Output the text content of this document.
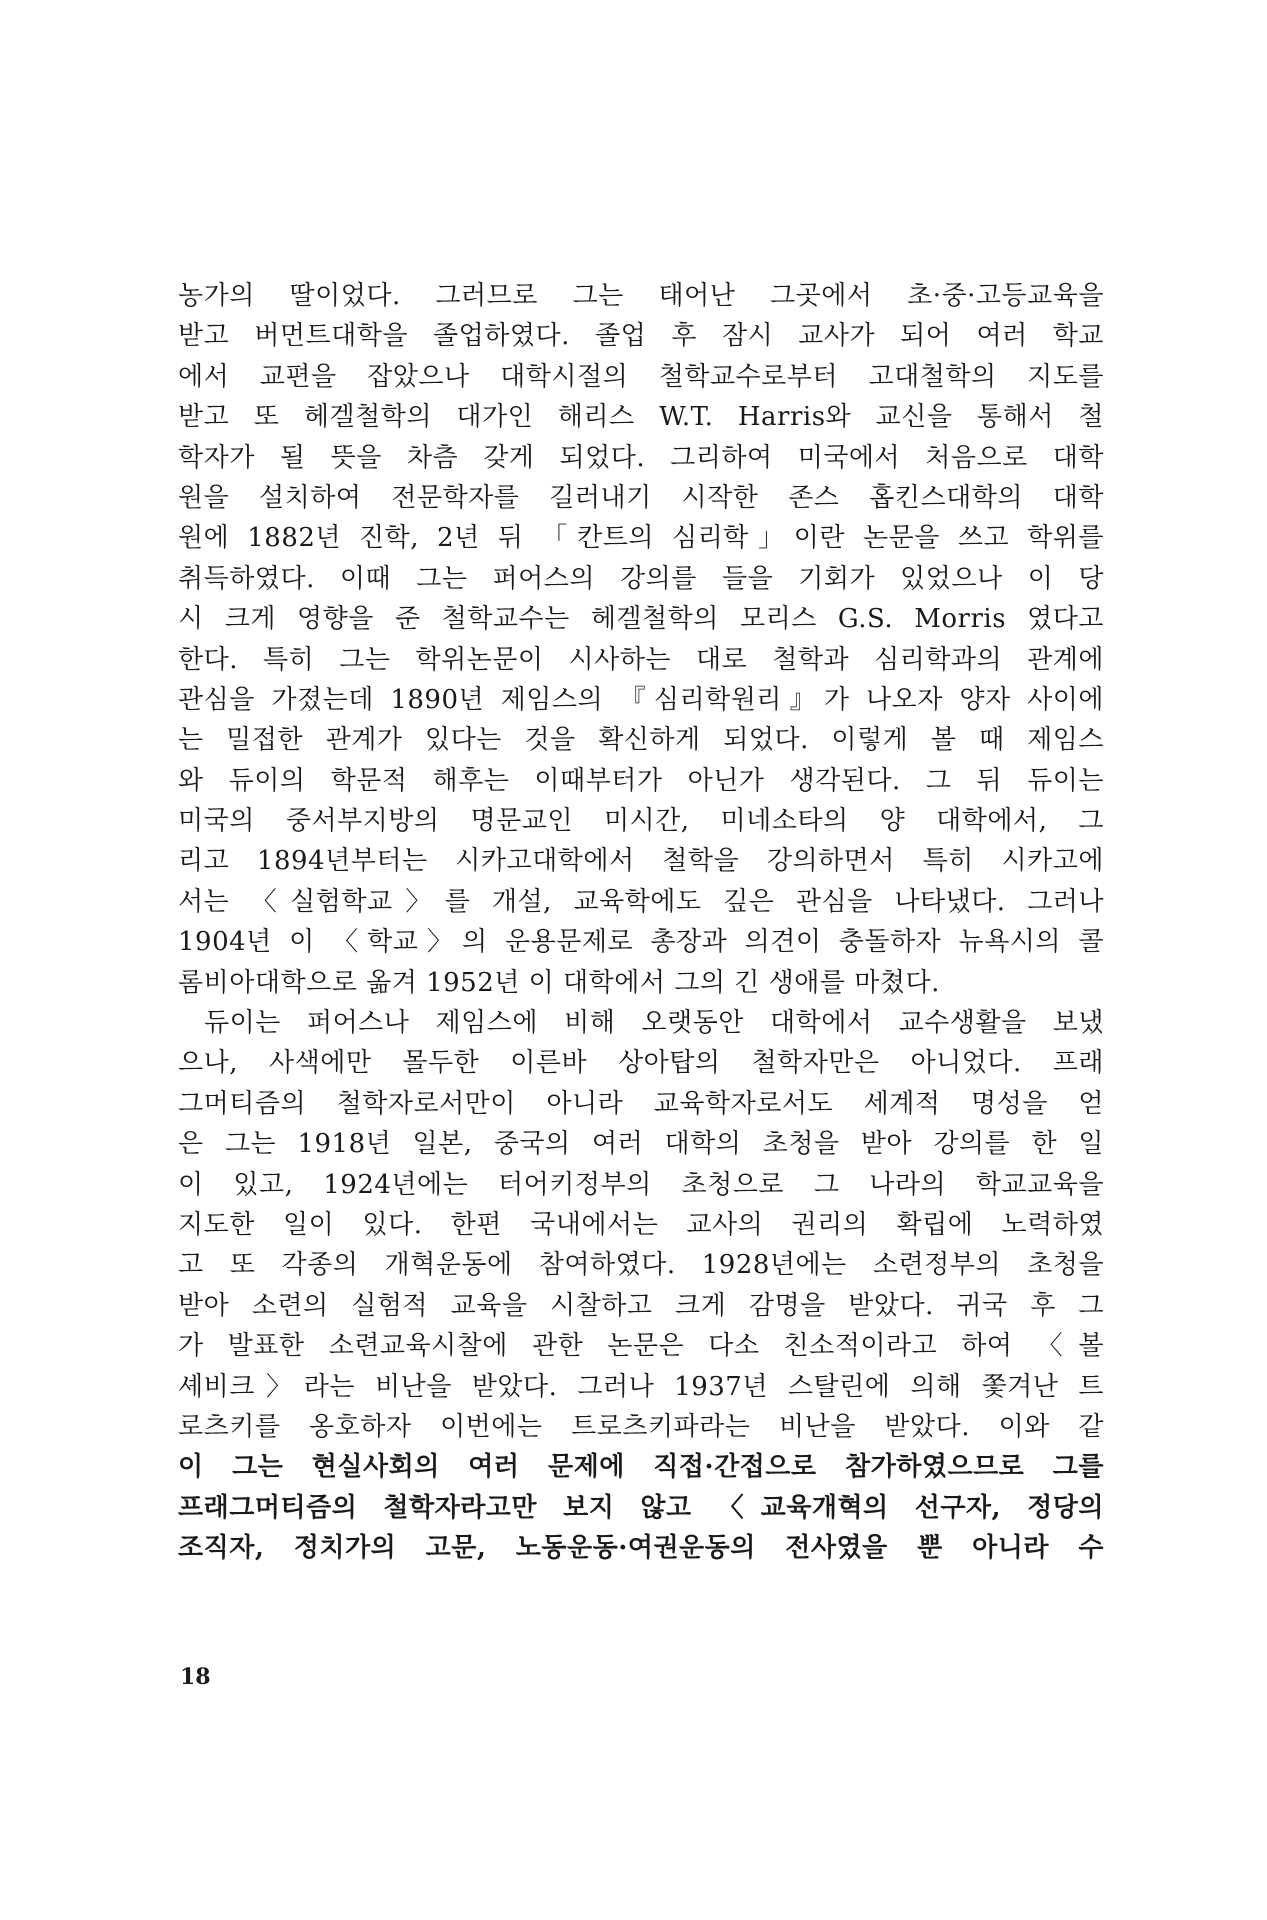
농가의 딸이었다. 그러므로 그는 태어난 그곳에서 초·중·고등교육을
받고 버먼트대학을 졸업하였다. 졸업 후 잠시 교사가 되어 여러 학교
에서 교편을 잡았으나 대학시절의 철학교수로부터 고대철학의 지도를
받고 또 헤겔철학의 대가인 해리스 W.T. Harris와 교신을 통해서 철
학자가 될 뜻을 차츰 갖게 되었다. 그리하여 미국에서 처음으로 대학
원을 설치하여 전문학자를 길러내기 시작한 존스 홉킨스대학의 대학
원에 1882년 진학, 2년 뒤 「칸트의 심리학」이란 논문을 쓰고 학위를
취득하였다. 이때 그는 퍼어스의 강의를 들을 기회가 있었으나 이 당
시 크게 영향을 준 철학교수는 헤겔철학의 모리스 G.S. Morris 였다고
한다. 특히 그는 학위논문이 시사하는 대로 철학과 심리학과의 관계에
관심을 가졌는데 1890년 제임스의 『심리학원리』가 나오자 양자 사이에
는 밀접한 관계가 있다는 것을 확신하게 되었다. 이렇게 볼 때 제임스
와 듀이의 학문적 해후는 이때부터가 아닌가 생각된다. 그 뒤 듀이는
미국의 중서부지방의 명문교인 미시간, 미네소타의 양 대학에서, 그
리고 1894년부터는 시카고대학에서 철학을 강의하면서 특히 시카고에
서는 〈실험학교〉를 개설, 교육학에도 깊은 관심을 나타냈다. 그러나
1904년 이 〈학교〉의 운용문제로 총장과 의견이 충돌하자 뉴욕시의 콜
롬비아대학으로 옮겨 1952년 이 대학에서 그의 긴 생애를 마쳤다.
듀이는 퍼어스나 제임스에 비해 오랫동안 대학에서 교수생활을 보냈
으나, 사색에만 몰두한 이른바 상아탑의 철학자만은 아니었다. 프래
그머티즘의 철학자로서만이 아니라 교육학자로서도 세계적 명성을 얻
은 그는 1918년 일본, 중국의 여러 대학의 초청을 받아 강의를 한 일
이 있고, 1924년에는 터어키정부의 초청으로 그 나라의 학교교육을
지도한 일이 있다. 한편 국내에서는 교사의 권리의 확립에 노력하였
고 또 각종의 개혁운동에 참여하였다. 1928년에는 소련정부의 초청을
받아 소련의 실험적 교육을 시찰하고 크게 감명을 받았다. 귀국 후 그
가 발표한 소련교육시찰에 관한 논문은 다소 친소적이라고 하여 〈볼
셰비크〉라는 비난을 받았다. 그러나 1937년 스탈린에 의해 쫓겨난 트
로츠키를 옹호하자 이번에는 트로츠키파라는 비난을 받았다. 이와 같
이 그는 현실사회의 여러 문제에 직접·간접으로 참가하였으므로 그를
프래그머티즘의 철학자라고만 보지 않고 〈교육개혁의 선구자, 정당의
조직자, 정치가의 고문, 노동운동·여권운동의 전사였을 뿐 아니라 수
18
